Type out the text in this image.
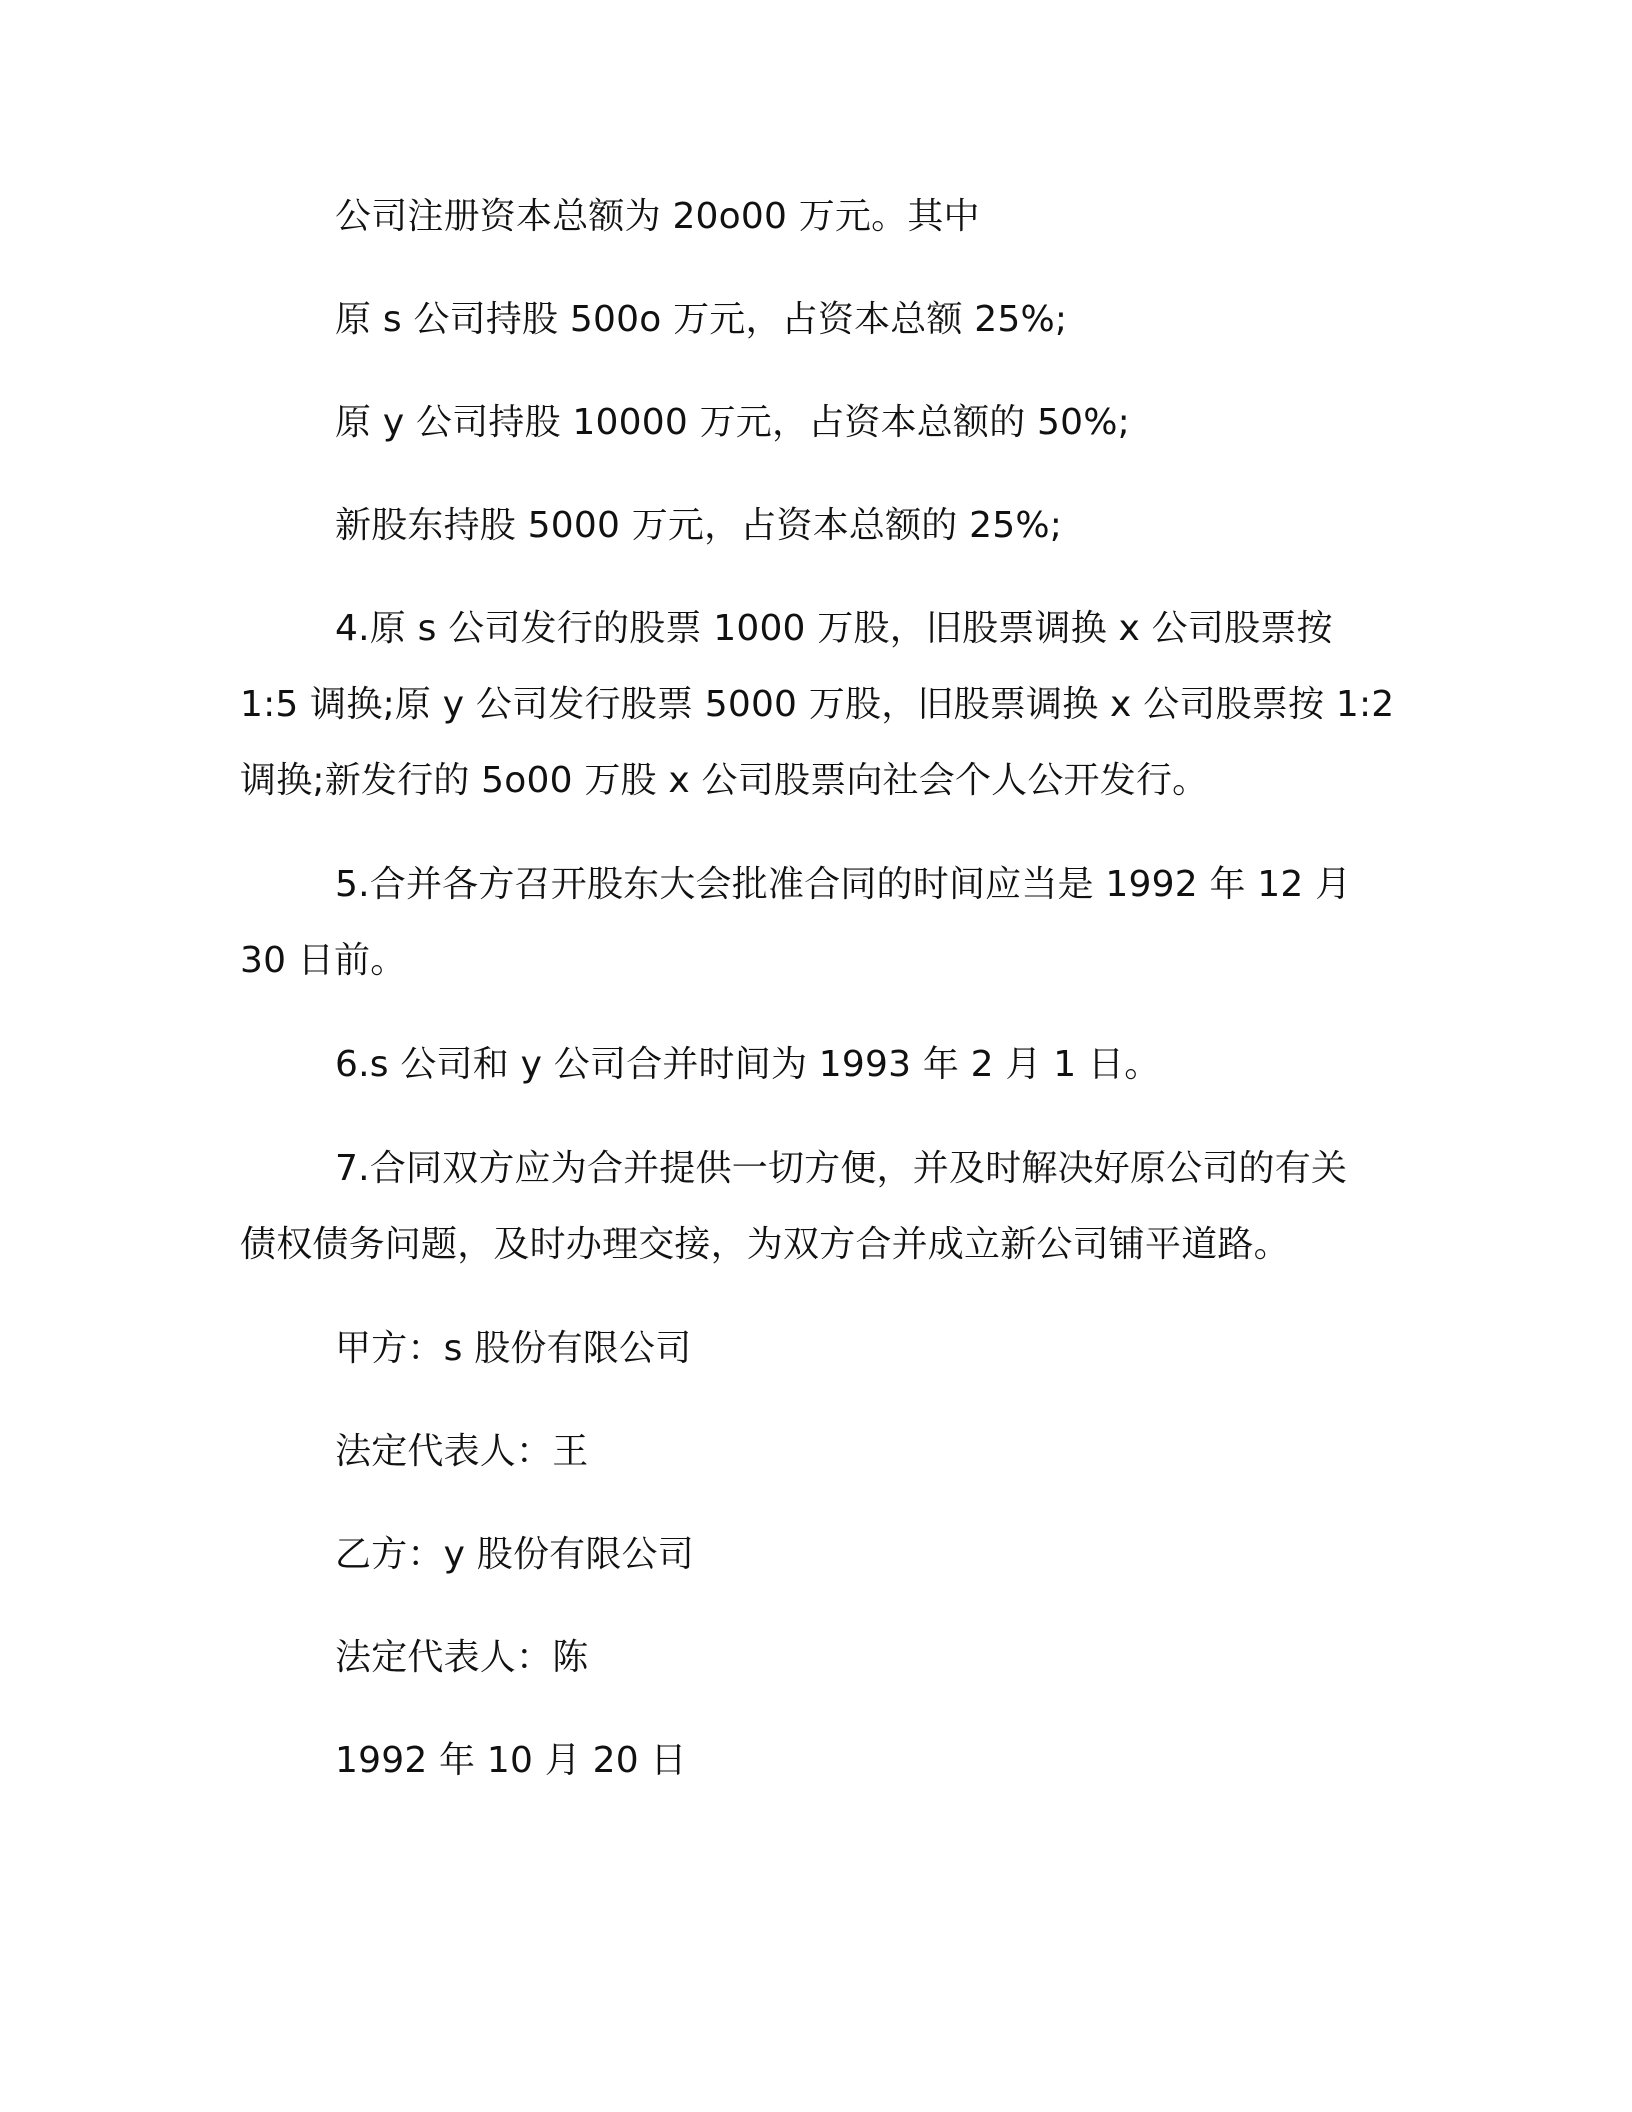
公司注册资本总额为 20o00 万元。其中
原 s 公司持股 500o 万元，占资本总额 25%;
原 y 公司持股 10000 万元，占资本总额的 50%;
新股东持股 5000 万元，占资本总额的 25%;
4.原 s 公司发行的股票 1000 万股，旧股票调换 x 公司股票按
1:5 调换;原 y 公司发行股票 5000 万股，旧股票调换 x 公司股票按 1:2
调换;新发行的 5o00 万股 x 公司股票向社会个人公开发行。
5.合并各方召开股东大会批准合同的时间应当是 1992 年 12 月
30 日前。
6.s 公司和 y 公司合并时间为 1993 年 2 月 1 日。
7.合同双方应为合并提供一切方便，并及时解决好原公司的有关
债权债务问题，及时办理交接，为双方合并成立新公司铺平道路。
甲方：s 股份有限公司
法定代表人：王
乙方：y 股份有限公司
法定代表人：陈
1992 年 10 月 20 日
